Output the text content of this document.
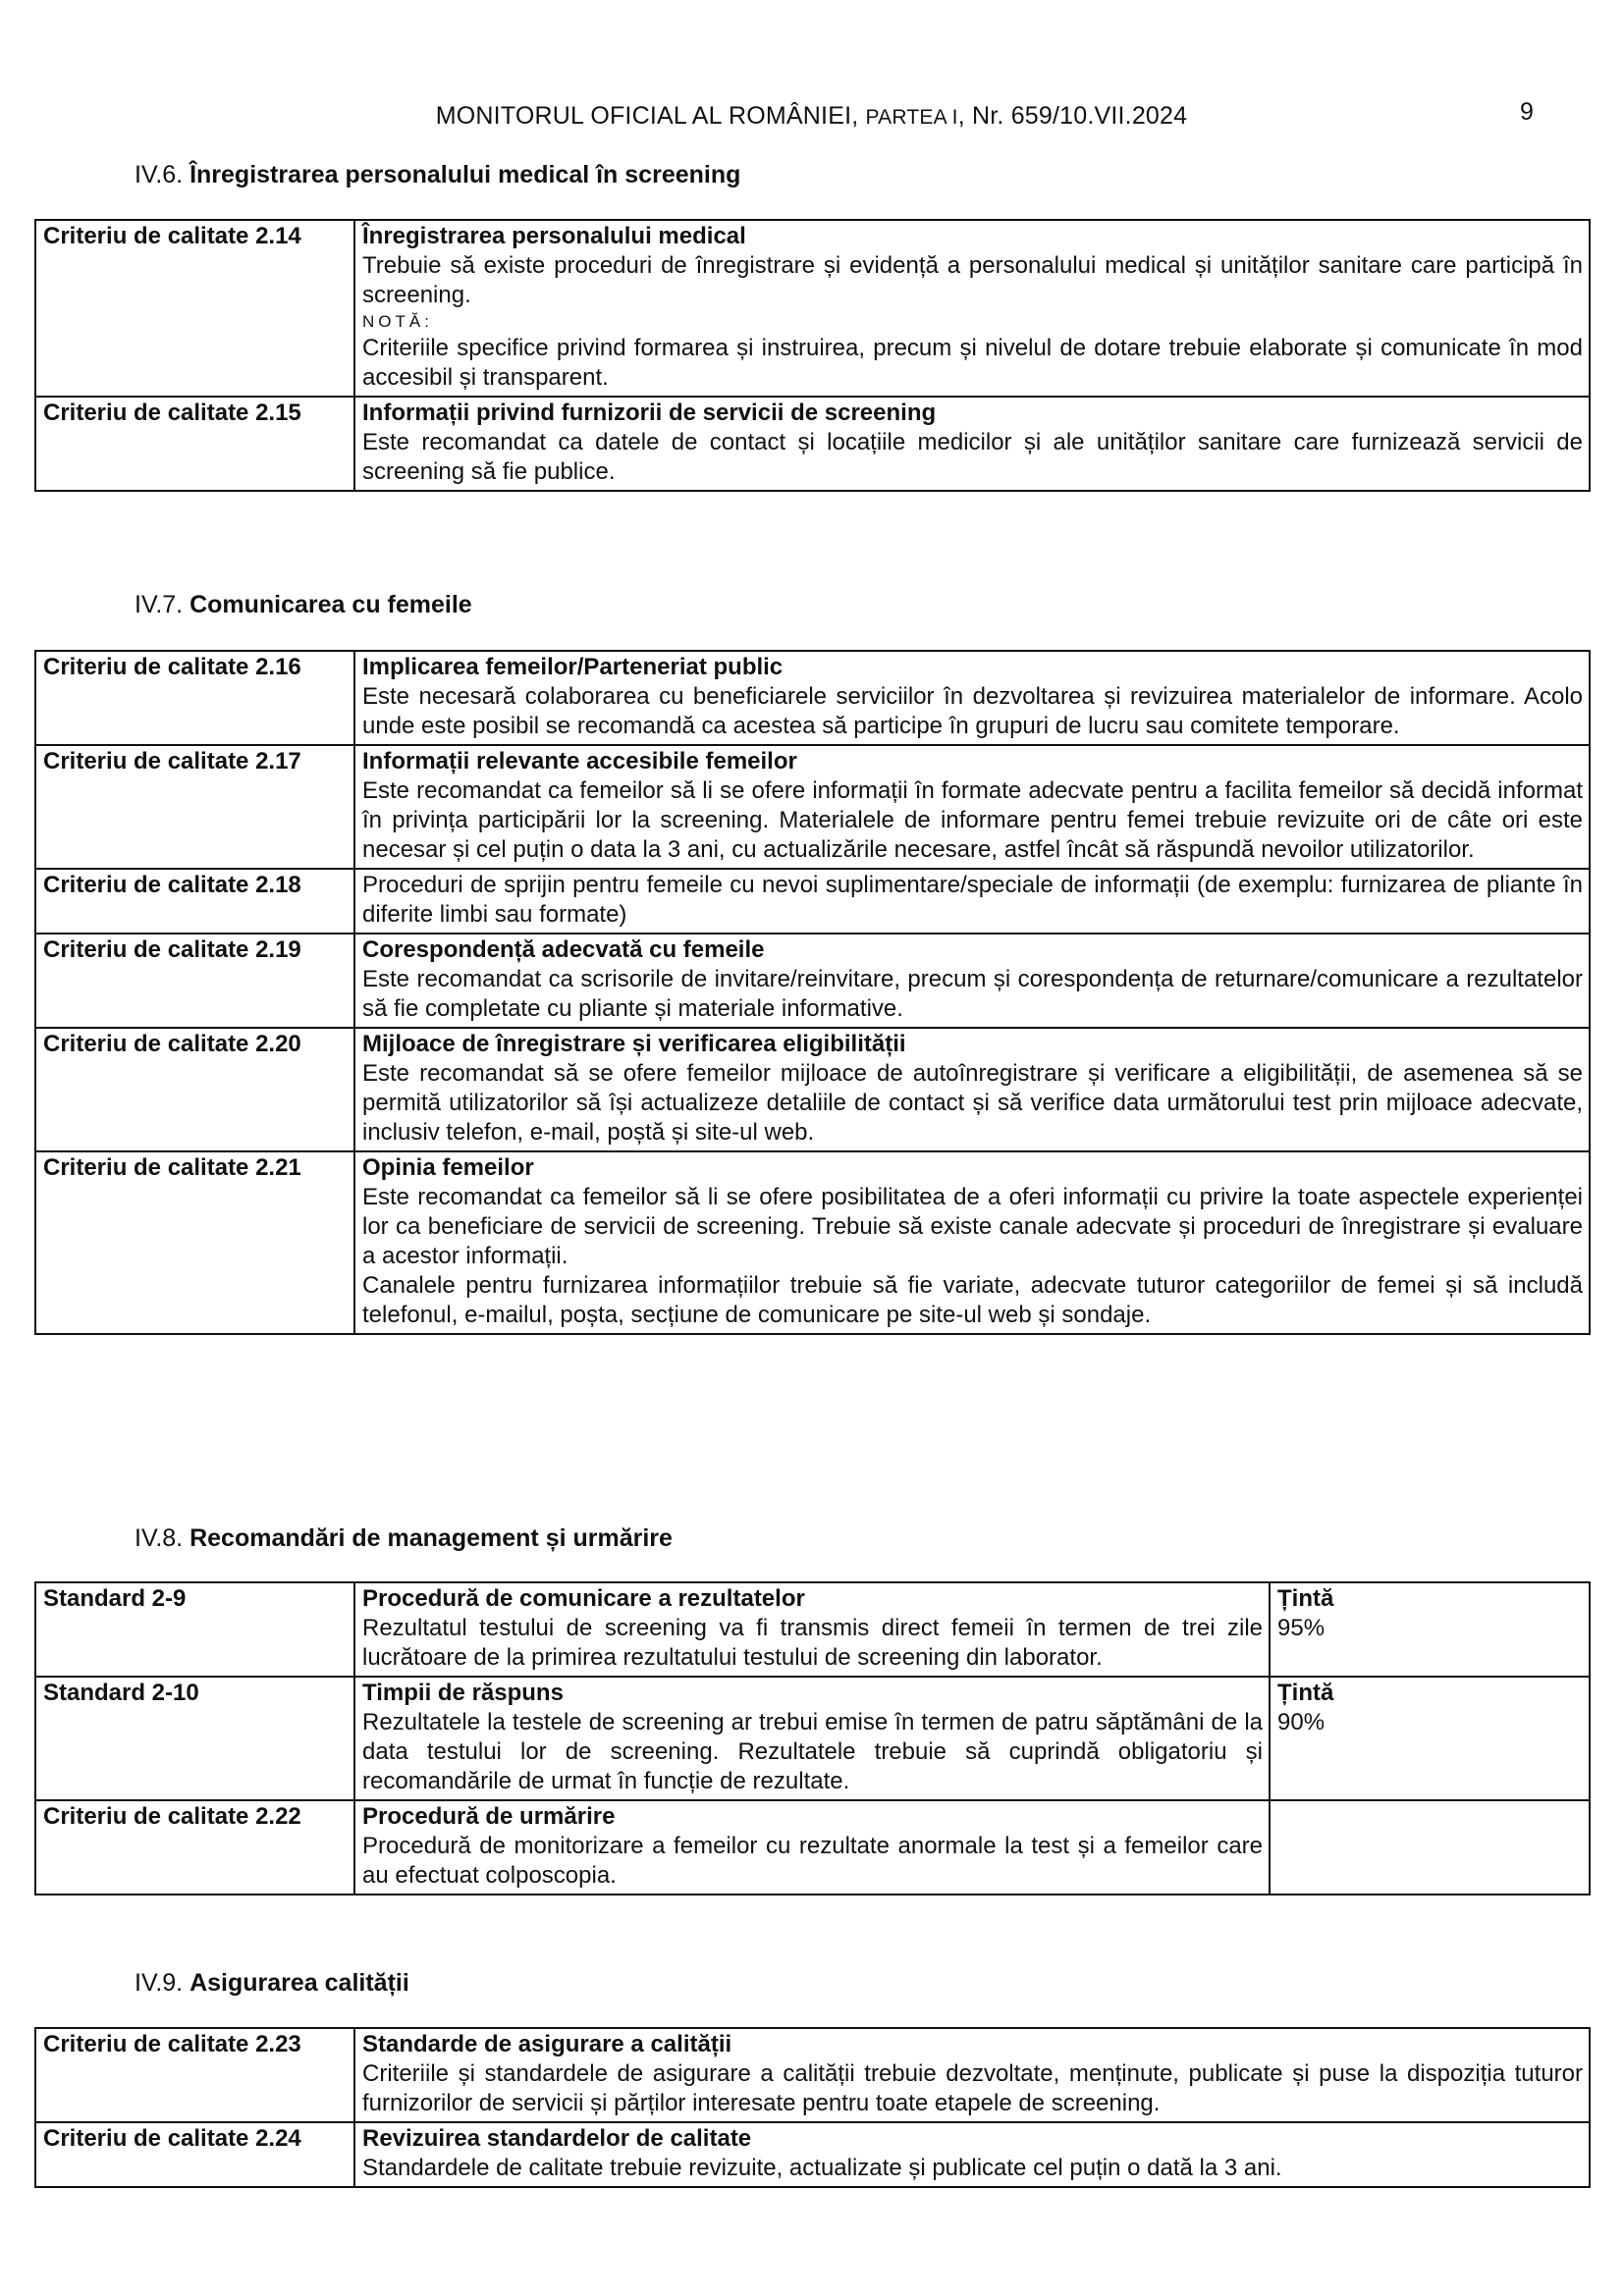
MONITORUL OFICIAL AL ROMÂNIEI, PARTEA I, Nr. 659/10.VII.2024	9
IV.6. Înregistrarea personalului medical în screening
Criteriu de calitate 2.14	Înregistrarea personalului medical
Trebuie să existe proceduri de înregistrare și evidență a personalului medical și unităților sanitare care participă în screening.
NOTĂ:
Criteriile specifice privind formarea și instruirea, precum și nivelul de dotare trebuie elaborate și comunicate în mod accesibil și transparent.

Criteriu de calitate 2.15	Informații privind furnizorii de servicii de screening
Este recomandat ca datele de contact și locațiile medicilor și ale unităților sanitare care furnizează servicii de screening să fie publice.
IV.7. Comunicarea cu femeile
Criteriu de calitate 2.16	Implicarea femeilor/Parteneriat public
Este necesară colaborarea cu beneficiarele serviciilor în dezvoltarea și revizuirea materialelor de informare. Acolo unde este posibil se recomandă ca acestea să participe în grupuri de lucru sau comitete temporare.

Criteriu de calitate 2.17	Informații relevante accesibile femeilor
Este recomandat ca femeilor să li se ofere informații în formate adecvate pentru a facilita femeilor să decidă informat în privința participării lor la screening. Materialele de informare pentru femei trebuie revizuite ori de câte ori este necesar și cel puțin o data la 3 ani, cu actualizările necesare, astfel încât să răspundă nevoilor utilizatorilor.

Criteriu de calitate 2.18	Proceduri de sprijin pentru femeile cu nevoi suplimentare/speciale de informații (de exemplu: furnizarea de pliante în diferite limbi sau formate)

Criteriu de calitate 2.19	Corespondență adecvată cu femeile
Este recomandat ca scrisorile de invitare/reinvitare, precum și corespondența de returnare/comunicare a rezultatelor să fie completate cu pliante și materiale informative.

Criteriu de calitate 2.20	Mijloace de înregistrare și verificarea eligibilității
Este recomandat să se ofere femeilor mijloace de autoînregistrare și verificare a eligibilității, de asemenea să se permită utilizatorilor să își actualizeze detaliile de contact și să verifice data următorului test prin mijloace adecvate, inclusiv telefon, e-mail, poștă și site-ul web.

Criteriu de calitate 2.21	Opinia femeilor
Este recomandat ca femeilor să li se ofere posibilitatea de a oferi informații cu privire la toate aspectele experienței lor ca beneficiare de servicii de screening. Trebuie să existe canale adecvate și proceduri de înregistrare și evaluare a acestor informații.
Canalele pentru furnizarea informațiilor trebuie să fie variate, adecvate tuturor categoriilor de femei și să includă telefonul, e-mailul, poșta, secțiune de comunicare pe site-ul web și sondaje.
IV.8. Recomandări de management și urmărire
Standard 2-9	Procedură de comunicare a rezultatelor
Rezultatul testului de screening va fi transmis direct femeii în termen de trei zile lucrătoare de la primirea rezultatului testului de screening din laborator.	Țintă
95%
Standard 2-10	Timpii de răspuns
Rezultatele la testele de screening ar trebui emise în termen de patru săptămâni de la data testului lor de screening. Rezultatele trebuie să cuprindă obligatoriu și recomandările de urmat în funcție de rezultate.	Țintă
90%
Criteriu de calitate 2.22	Procedură de urmărire
Procedură de monitorizare a femeilor cu rezultate anormale la test și a femeilor care au efectuat colposcopia.	

IV.9. Asigurarea calității
Criteriu de calitate 2.23	Standarde de asigurare a calității
Criteriile și standardele de asigurare a calității trebuie dezvoltate, menținute, publicate și puse la dispoziția tuturor furnizorilor de servicii și părților interesate pentru toate etapele de screening.

Criteriu de calitate 2.24	Revizuirea standardelor de calitate
Standardele de calitate trebuie revizuite, actualizate și publicate cel puțin o dată la 3 ani.
